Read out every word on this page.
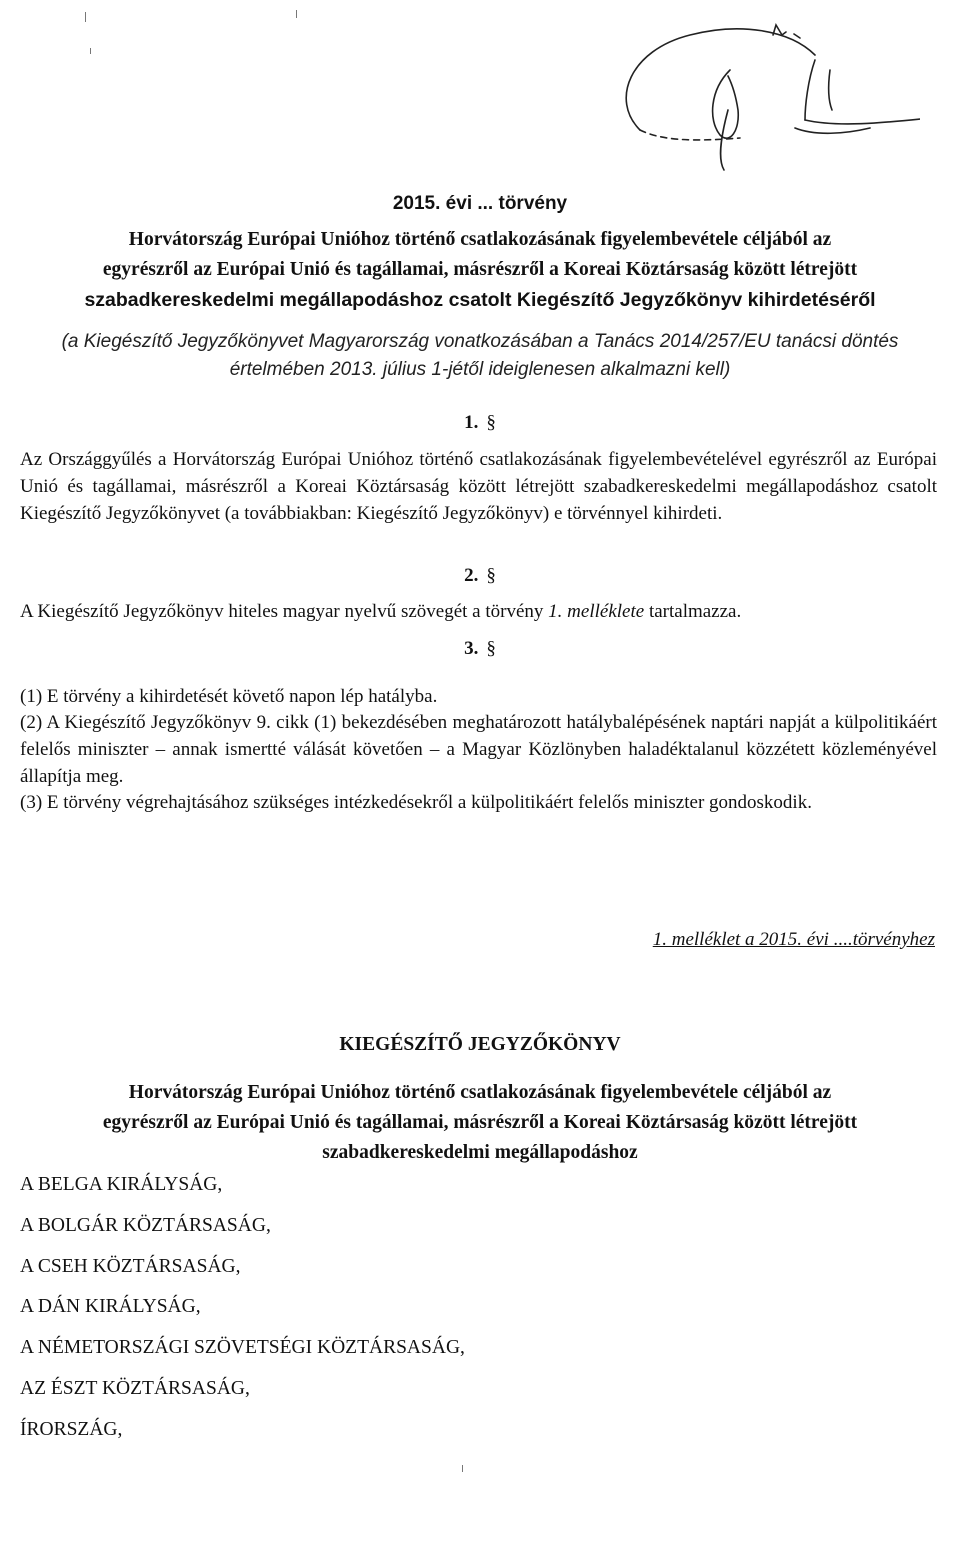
2015. évi ... törvény
Horvátország Európai Unióhoz történő csatlakozásának figyelembevétele céljából az
egyrészről az Európai Unió és tagállamai, másrészről a Koreai Köztársaság között létrejött
szabadkereskedelmi megállapodáshoz csatolt Kiegészítő Jegyzőkönyv kihirdetéséről
(a Kiegészítő Jegyzőkönyvet Magyarország vonatkozásában a Tanács 2014/257/EU tanácsi döntés
értelmében 2013. július 1-jétől ideiglenesen alkalmazni kell)
1. §
Az Országgyűlés a Horvátország Európai Unióhoz történő csatlakozásának figyelembevételével egyrészről az Európai Unió és tagállamai, másrészről a Koreai Köztársaság között létrejött szabadkereskedelmi megállapodáshoz csatolt Kiegészítő Jegyzőkönyvet (a továbbiakban: Kiegészítő Jegyzőkönyv) e törvénnyel kihirdeti.
2. §
A Kiegészítő Jegyzőkönyv hiteles magyar nyelvű szövegét a törvény 1. melléklete tartalmazza.
3. §
(1) E törvény a kihirdetését követő napon lép hatályba.
(2) A Kiegészítő Jegyzőkönyv 9. cikk (1) bekezdésében meghatározott hatálybalépésének naptári napját a külpolitikáért felelős miniszter – annak ismertté válását követően – a Magyar Közlönyben haladéktalanul közzétett közleményével állapítja meg.
(3) E törvény végrehajtásához szükséges intézkedésekről a külpolitikáért felelős miniszter gondoskodik.
1. melléklet a 2015. évi ....törvényhez
KIEGÉSZÍTŐ JEGYZŐKÖNYV
Horvátország Európai Unióhoz történő csatlakozásának figyelembevétele céljából az
egyrészről az Európai Unió és tagállamai, másrészről a Koreai Köztársaság között létrejött
szabadkereskedelmi megállapodáshoz
A BELGA KIRÁLYSÁG,
A BOLGÁR KÖZTÁRSASÁG,
A CSEH KÖZTÁRSASÁG,
A DÁN KIRÁLYSÁG,
A NÉMETORSZÁGI SZÖVETSÉGI KÖZTÁRSASÁG,
AZ ÉSZT KÖZTÁRSASÁG,
ÍRORSZÁG,
